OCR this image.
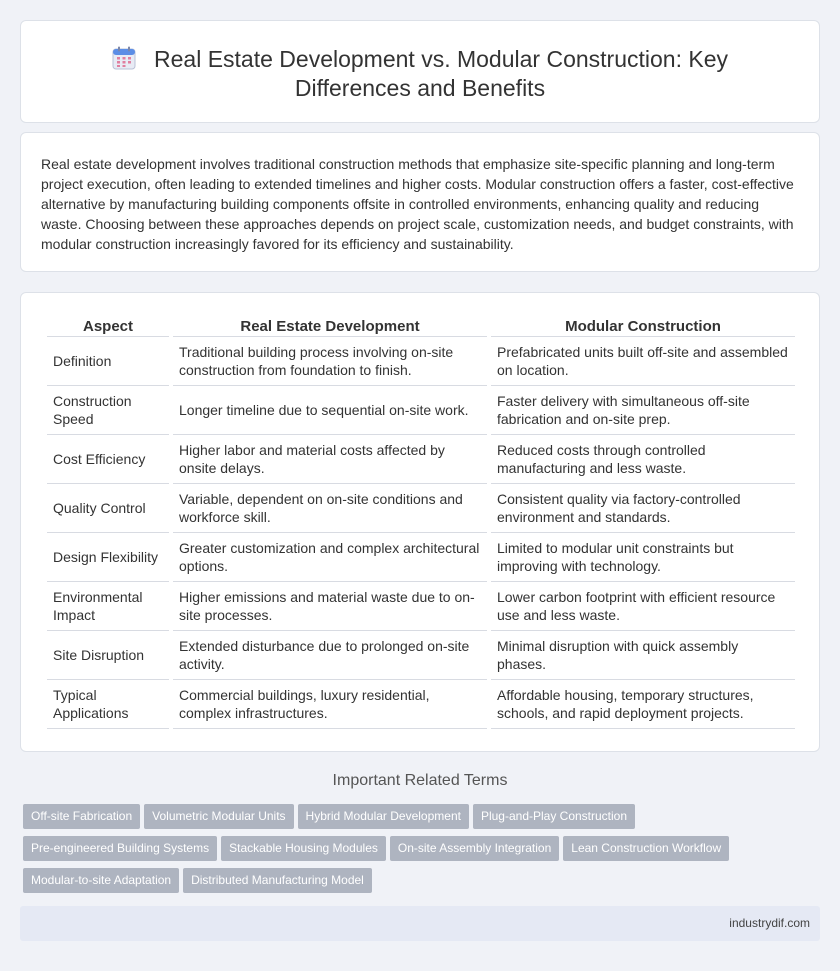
Real Estate Development vs. Modular Construction: Key Differences and Benefits

Real estate development involves traditional construction methods that emphasize site-specific planning and long-term project execution, often leading to extended timelines and higher costs. Modular construction offers a faster, cost-effective alternative by manufacturing building components offsite in controlled environments, enhancing quality and reducing waste. Choosing between these approaches depends on project scale, customization needs, and budget constraints, with modular construction increasingly favored for its efficiency and sustainability.

Aspect	Real Estate Development	Modular Construction
Definition	Traditional building process involving on-site construction from foundation to finish.	Prefabricated units built off-site and assembled on location.
Construction Speed	Longer timeline due to sequential on-site work.	Faster delivery with simultaneous off-site fabrication and on-site prep.
Cost Efficiency	Higher labor and material costs affected by onsite delays.	Reduced costs through controlled manufacturing and less waste.
Quality Control	Variable, dependent on on-site conditions and workforce skill.	Consistent quality via factory-controlled environment and standards.
Design Flexibility	Greater customization and complex architectural options.	Limited to modular unit constraints but improving with technology.
Environmental Impact	Higher emissions and material waste due to on-site processes.	Lower carbon footprint with efficient resource use and less waste.
Site Disruption	Extended disturbance due to prolonged on-site activity.	Minimal disruption with quick assembly phases.
Typical Applications	Commercial buildings, luxury residential, complex infrastructures.	Affordable housing, temporary structures, schools, and rapid deployment projects.
Important Related Terms
Off-site Fabrication Volumetric Modular Units Hybrid Modular Development Plug-and-Play Construction
Pre-engineered Building Systems Stackable Housing Modules On-site Assembly Integration Lean Construction Workflow
Modular-to-site Adaptation Distributed Manufacturing Model
industrydif.com
